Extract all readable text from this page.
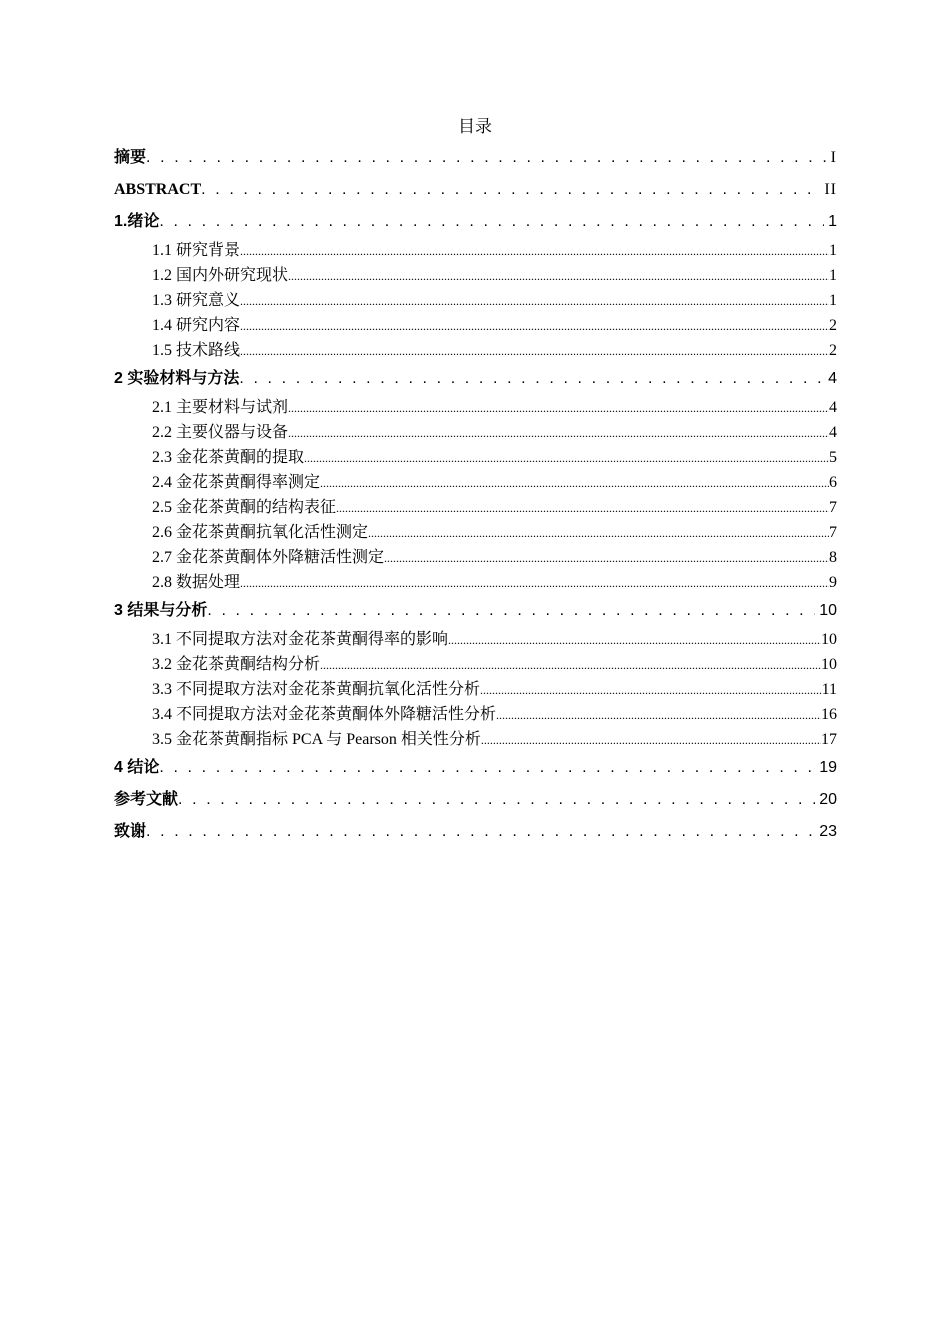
目录
摘要 . . .	I
ABSTRACT . . .	II
1.绪论 . . .	1
1.1 研究背景 .....	1
1.2 国内外研究现状 .....	1
1.3 研究意义 .....	1
1.4 研究内容 .....	2
1.5 技术路线 .....	2
2 实验材料与方法 . . .	4
2.1 主要材料与试剂 .....	4
2.2 主要仪器与设备 .....	4
2.3 金花茶黄酮的提取 .....	5
2.4 金花茶黄酮得率测定 .....	6
2.5 金花茶黄酮的结构表征 .....	7
2.6 金花茶黄酮抗氧化活性测定 .....	7
2.7 金花茶黄酮体外降糖活性测定 .....	8
2.8 数据处理 .....	9
3 结果与分析 . . .	10
3.1 不同提取方法对金花茶黄酮得率的影响 .....	10
3.2 金花茶黄酮结构分析 .....	10
3.3 不同提取方法对金花茶黄酮抗氧化活性分析 .....	11
3.4 不同提取方法对金花茶黄酮体外降糖活性分析 .....	16
3.5 金花茶黄酮指标 PCA 与 Pearson 相关性分析 .....	17
4 结论 . . .	19
参考文献 . . .	20
致谢 . . .	23
